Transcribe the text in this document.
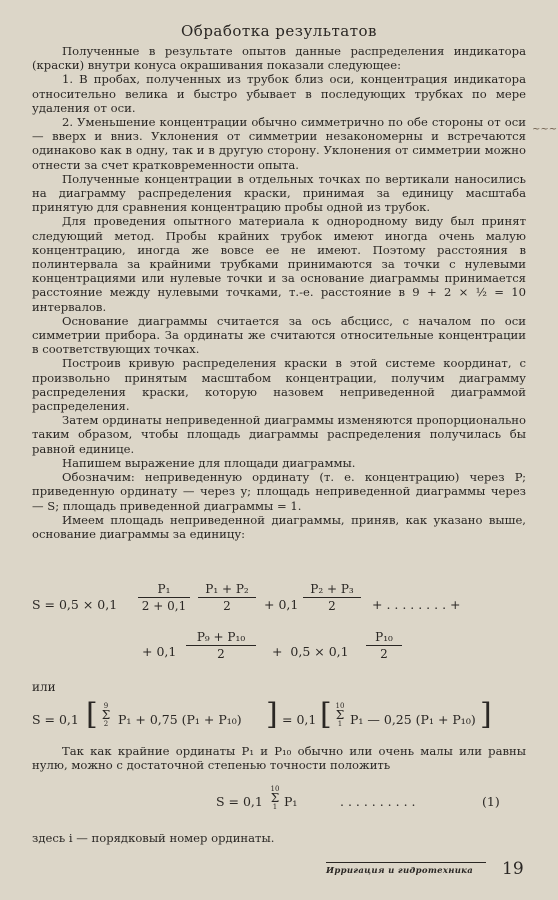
Обработка результатов

Полученные в результате опытов данные распределения индикатора (краски) внутри конуса окрашивания показали следующее:

1. В пробах, полученных из трубок близ оси, концентрация индикатора относительно велика и быстро убывает в последующих трубках по мере удаления от оси.

2. Уменьшение концентрации обычно симметрично по обе стороны от оси — вверх и вниз. Уклонения от симметрии незакономерны и встречаются одинаково как в одну, так и в другую сторону. Уклонения от симметрии можно отнести за счет кратковременности опыта.

Полученные концентрации в отдельных точках по вертикали наносились на диаграмму распределения краски, принимая за единицу масштаба принятую для сравнения концентрацию пробы одной из трубок.

Для проведения опытного материала к однородному виду был принят следующий метод. Пробы крайних трубок имеют иногда очень малую концентрацию, иногда же вовсе ее не имеют. Поэтому расстояния в полинтервала за крайними трубками принимаются за точки с нулевыми концентрациями или нулевые точки и за основание диаграммы принимается расстояние между нулевыми точками, т.-е. расстояние в 9 + 2 × ½ = 10 интервалов.

Основание диаграммы считается за ось абсцисс, с началом по оси симметрии прибора. За ординаты же считаются относительные концентрации в соответствующих точках.

Построив кривую распределения краски в этой системе координат, с произвольно принятым масштабом концентрации, получим диаграмму распределения краски, которую назовем неприведенной диаграммой распределения.

Затем ординаты неприведенной диаграммы изменяются пропорционально таким образом, чтобы площадь диаграммы распределения получилась бы равной единице.

Напишем выражение для площади диаграммы.

Обозначим: неприведенную ординату (т. е. концентрацию) через P; приведенную ординату — через y; площадь неприведенной диаграммы через — S; площадь приведенной диаграммы = 1.

Имеем площадь неприведенной диаграммы, приняв, как указано выше, основание диаграммы за единицу:

~~~
$S = 0,5 \times 0,1 \frac{\text{P₁}}{2 + 0,1} \frac{\text{P₁ + P₂}}{2} + 0,1 \frac{\text{P₂ + P₃}}{2}$ + . . . . . . . . +
+ $0,1 \frac{\text{P₉ + P₁₀}}{2} + 0,5 \times 0,1 \frac{\text{P₁₀}}{2}$
или
S = 0,1 [ 9
Σ
2 P₁ + 0,75 (P₁ + P₁₀) ] = 0,1 [ 10
Σ
1 P₁ — 0,25 (P₁ + P₁₀) ]

Так как крайние ординаты P₁ и P₁₀ обычно или очень малы или равны нулю, можно с достаточной степенью точности положить

S = 0,1
10
Σ
1 P₁	. . . . . . . . . .	(1)

здесь i — порядковый номер ординаты.

Ирригация и гидротехника 19
